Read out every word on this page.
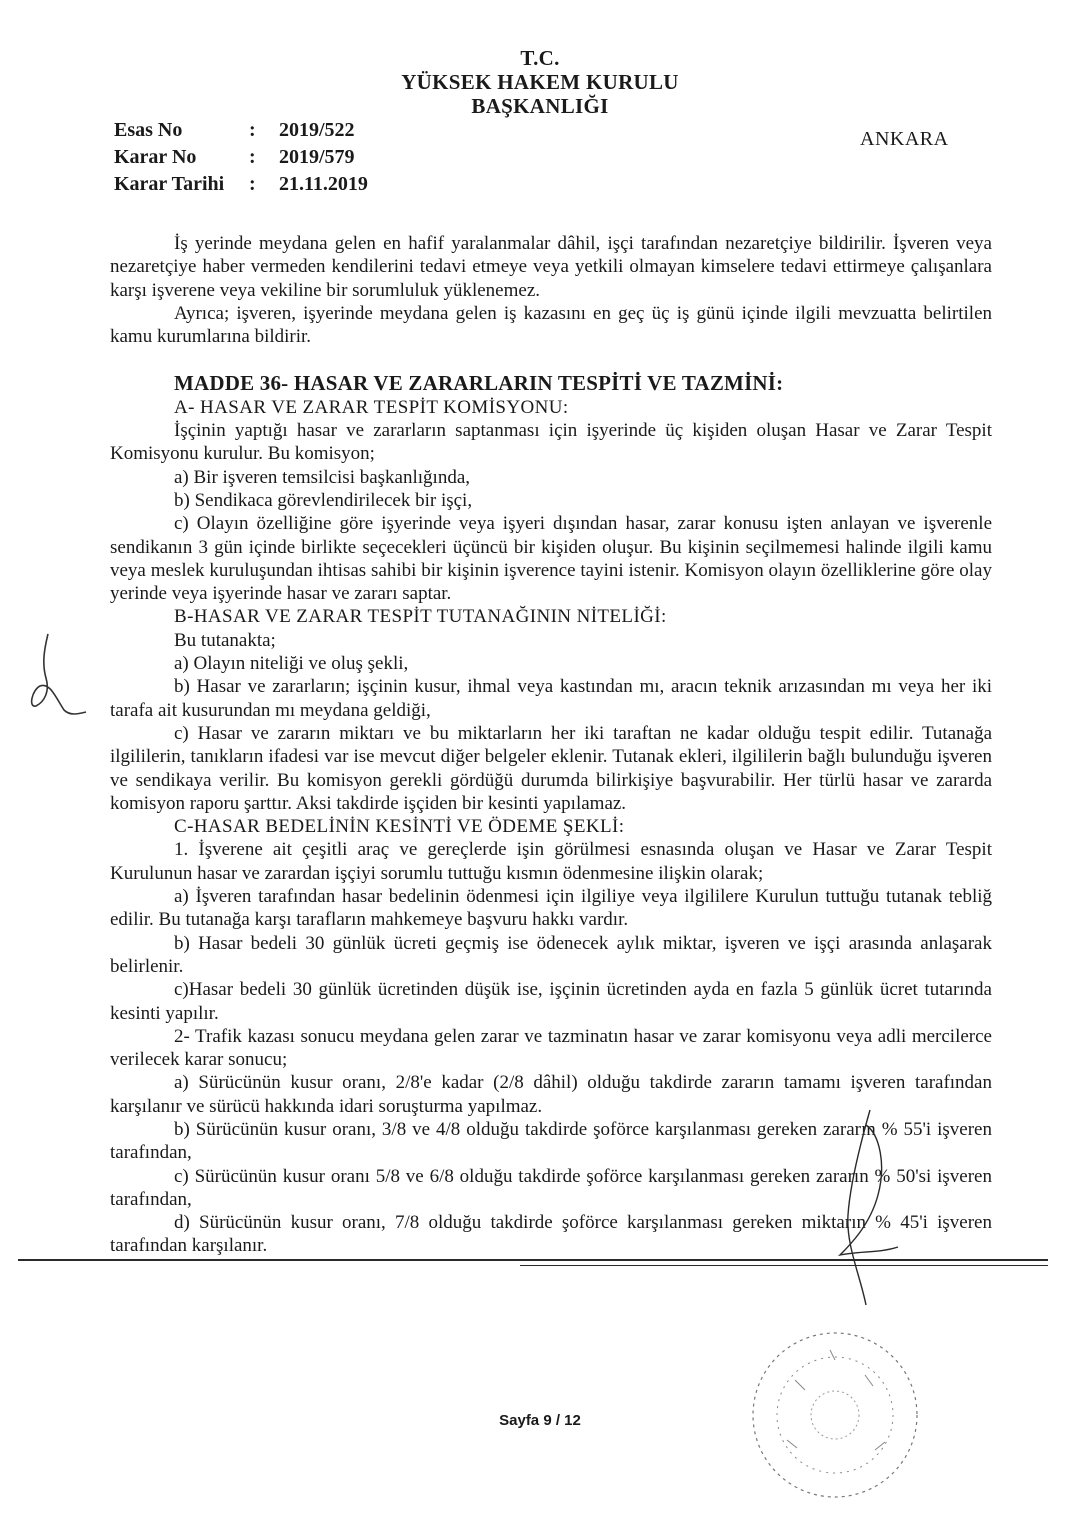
T.C.
YÜKSEK HAKEM KURULU
BAŞKANLIĞI
Esas No	:	2019/522
Karar No	:	2019/579
Karar Tarihi	:	21.11.2019
ANKARA

İş yerinde meydana gelen en hafif yaralanmalar dâhil, işçi tarafından nezaretçiye bildirilir. İşveren veya nezaretçiye haber vermeden kendilerini tedavi etmeye veya yetkili olmayan kimselere tedavi ettirmeye çalışanlara karşı işverene veya vekiline bir sorumluluk yüklenemez.

Ayrıca; işveren, işyerinde meydana gelen iş kazasını en geç üç iş günü içinde ilgili mevzuatta belirtilen kamu kurumlarına bildirir.

MADDE 36- HASAR VE ZARARLARIN TESPİTİ VE TAZMİNİ:

A- HASAR VE ZARAR TESPİT KOMİSYONU:

İşçinin yaptığı hasar ve zararların saptanması için işyerinde üç kişiden oluşan Hasar ve Zarar Tespit Komisyonu kurulur. Bu komisyon;

a) Bir işveren temsilcisi başkanlığında,

b) Sendikaca görevlendirilecek bir işçi,

c) Olayın özelliğine göre işyerinde veya işyeri dışından hasar, zarar konusu işten anlayan ve işverenle sendikanın 3 gün içinde birlikte seçecekleri üçüncü bir kişiden oluşur. Bu kişinin seçilmemesi halinde ilgili kamu veya meslek kuruluşundan ihtisas sahibi bir kişinin işverence tayini istenir. Komisyon olayın özelliklerine göre olay yerinde veya işyerinde hasar ve zararı saptar.

B-HASAR VE ZARAR TESPİT TUTANAĞININ NİTELİĞİ:

Bu tutanakta;

a) Olayın niteliği ve oluş şekli,

b) Hasar ve zararların; işçinin kusur, ihmal veya kastından mı, aracın teknik arızasından mı veya her iki tarafa ait kusurundan mı meydana geldiği,

c) Hasar ve zararın miktarı ve bu miktarların her iki taraftan ne kadar olduğu tespit edilir. Tutanağa ilgililerin, tanıkların ifadesi var ise mevcut diğer belgeler eklenir. Tutanak ekleri, ilgililerin bağlı bulunduğu işveren ve sendikaya verilir. Bu komisyon gerekli gördüğü durumda bilirkişiye başvurabilir. Her türlü hasar ve zararda komisyon raporu şarttır. Aksi takdirde işçiden bir kesinti yapılamaz.

C-HASAR BEDELİNİN KESİNTİ VE ÖDEME ŞEKLİ:

1. İşverene ait çeşitli araç ve gereçlerde işin görülmesi esnasında oluşan ve Hasar ve Zarar Tespit Kurulunun hasar ve zarardan işçiyi sorumlu tuttuğu kısmın ödenmesine ilişkin olarak;

a) İşveren tarafından hasar bedelinin ödenmesi için ilgiliye veya ilgililere Kurulun tuttuğu tutanak tebliğ edilir. Bu tutanağa karşı tarafların mahkemeye başvuru hakkı vardır.

b) Hasar bedeli 30 günlük ücreti geçmiş ise ödenecek aylık miktar, işveren ve işçi arasında anlaşarak belirlenir.

c)Hasar bedeli 30 günlük ücretinden düşük ise, işçinin ücretinden ayda en fazla 5 günlük ücret tutarında kesinti yapılır.

2- Trafik kazası sonucu meydana gelen zarar ve tazminatın hasar ve zarar komisyonu veya adli mercilerce verilecek karar sonucu;

a) Sürücünün kusur oranı, 2/8'e kadar (2/8 dâhil) olduğu takdirde zararın tamamı işveren tarafından karşılanır ve sürücü hakkında idari soruşturma yapılmaz.

b) Sürücünün kusur oranı, 3/8 ve 4/8 olduğu takdirde şoförce karşılanması gereken zararın % 55'i işveren tarafından,

c) Sürücünün kusur oranı 5/8 ve 6/8 olduğu takdirde şoförce karşılanması gereken zararın % 50'si işveren tarafından,

d) Sürücünün kusur oranı, 7/8 olduğu takdirde şoförce karşılanması gereken miktarın % 45'i işveren tarafından karşılanır.

Sayfa 9 / 12
